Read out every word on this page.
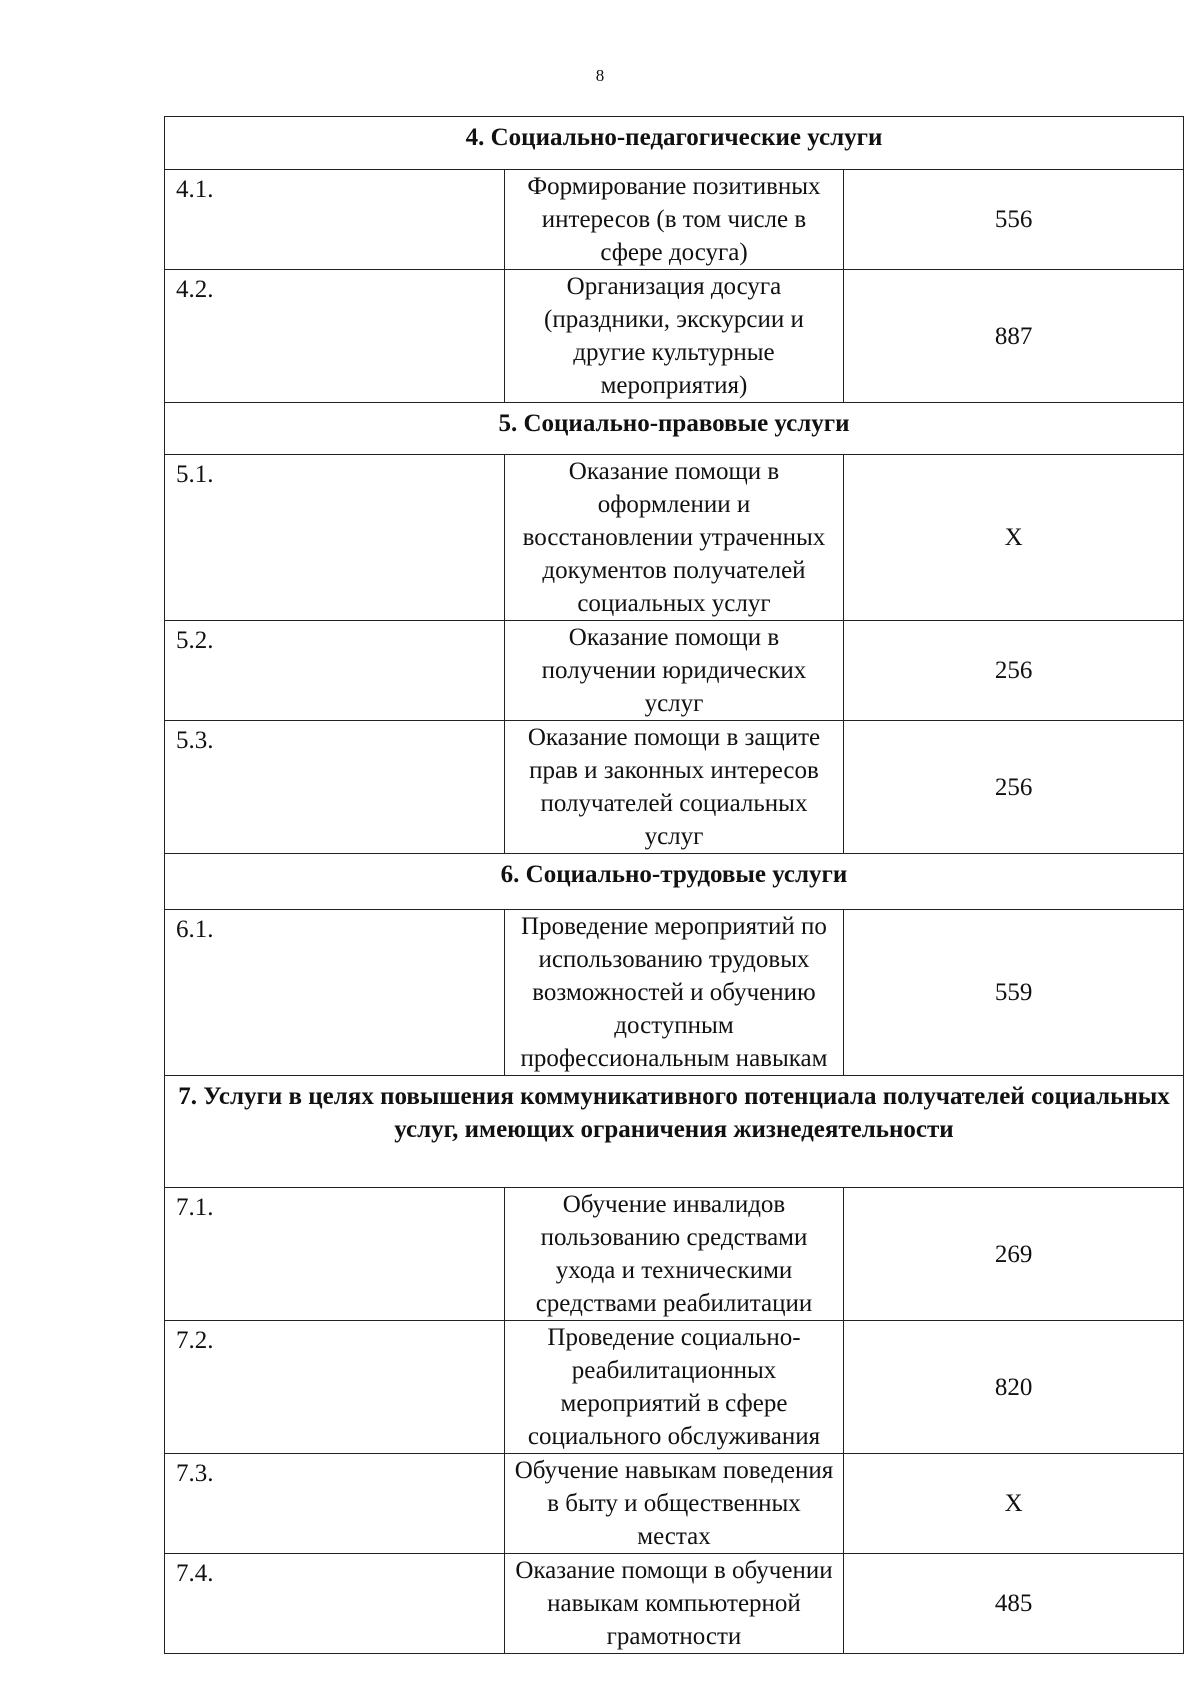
8
4. Социально-педагогические услуги		
4.1.	Формирование позитивных интересов (в том числе в сфере досуга)	556
4.2.	Организация досуга (праздники, экскурсии и другие культурные мероприятия)	887
5. Социально-правовые услуги		
5.1.	Оказание помощи в оформлении и восстановлении утраченных документов получателей социальных услуг	X
5.2.	Оказание помощи в получении юридических услуг	256
5.3.	Оказание помощи в защите прав и законных интересов получателей социальных услуг	256
6. Социально-трудовые услуги		
6.1.	Проведение мероприятий по использованию трудовых возможностей и обучению доступным профессиональным навыкам	559
7. Услуги в целях повышения коммуникативного потенциала получателей социальных услуг, имеющих ограничения жизнедеятельности		
7.1.	Обучение инвалидов пользованию средствами ухода и техническими средствами реабилитации	269
7.2.	Проведение социально-реабилитационных мероприятий в сфере социального обслуживания	820
7.3.	Обучение навыкам поведения в быту и общественных местах	X
7.4.	Оказание помощи в обучении навыкам компьютерной грамотности	485
